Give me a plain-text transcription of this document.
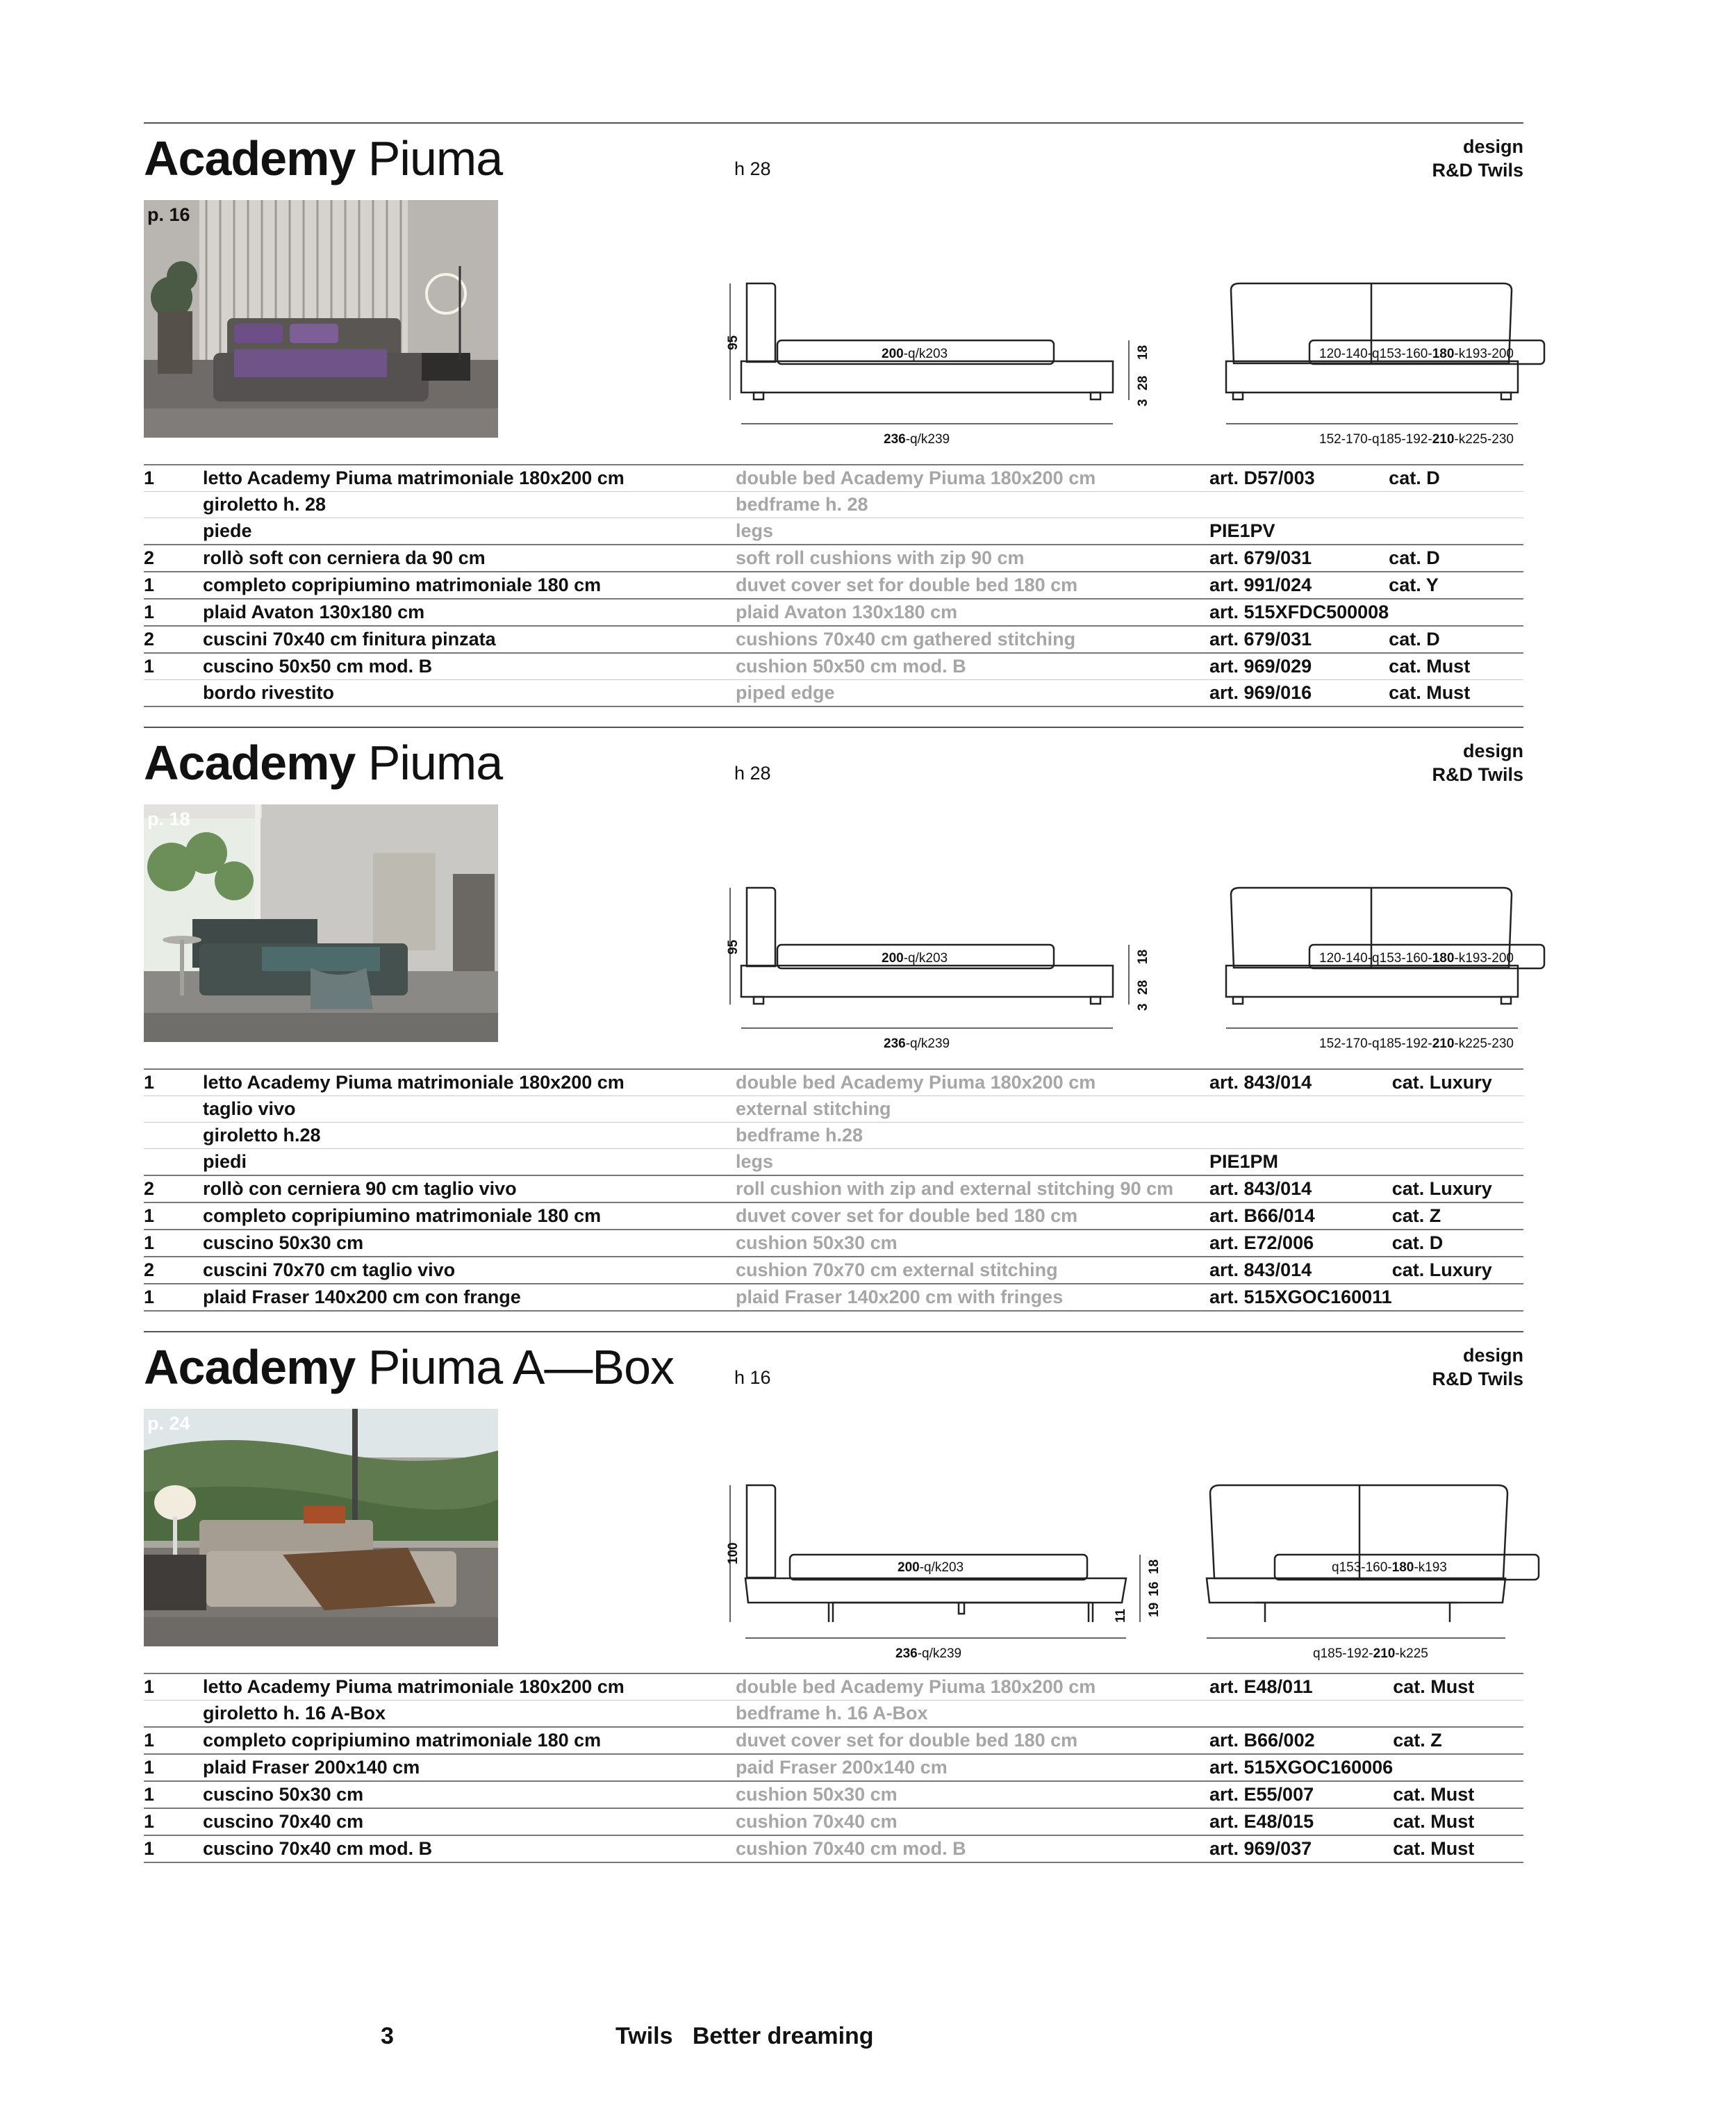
Academy Piuma	h 28
design
R&D Twils
p. 16
95
200-q/k203
236-q/k239
18
28
3
120-140-q153-160-180-k193-200
152-170-q185-192-210-k225-230
1	letto Academy Piuma matrimoniale 180x200 cm	double bed Academy Piuma 180x200 cm	art. D57/003	cat. D
	giroletto h. 28	bedframe h. 28		
	piede	legs	PIE1PV	
2	rollò soft con cerniera da 90 cm	soft roll cushions with zip 90 cm	art. 679/031	cat. D
1	completo copripiumino matrimoniale 180 cm	duvet cover set for double bed 180 cm	art. 991/024	cat. Y
1	plaid Avaton 130x180 cm	plaid Avaton 130x180 cm	art. 515XFDC500008	
2	cuscini 70x40 cm finitura pinzata	cushions 70x40 cm gathered stitching	art. 679/031	cat. D
1	cuscino 50x50 cm mod. B	cushion 50x50 cm mod. B	art. 969/029	cat. Must
	bordo rivestito	piped edge	art. 969/016	cat. Must
Academy Piuma	h 28
design
R&D Twils
p. 18
95
200-q/k203
236-q/k239
18
28
3
120-140-q153-160-180-k193-200
152-170-q185-192-210-k225-230
1	letto Academy Piuma matrimoniale 180x200 cm	double bed Academy Piuma 180x200 cm	art. 843/014	cat. Luxury
	taglio vivo	external stitching		
	giroletto h.28	bedframe h.28		
	piedi	legs	PIE1PM	
2	rollò con cerniera 90 cm taglio vivo	roll cushion with zip and external stitching 90 cm	art. 843/014	cat. Luxury
1	completo copripiumino matrimoniale 180 cm	duvet cover set for double bed 180 cm	art. B66/014	cat. Z
1	cuscino 50x30 cm	cushion 50x30 cm	art. E72/006	cat. D
2	cuscini 70x70 cm taglio vivo	cushion 70x70 cm external stitching	art. 843/014	cat. Luxury
1	plaid Fraser 140x200 cm con frange	plaid Fraser 140x200 cm with fringes	art. 515XGOC160011	
Academy Piuma A—Box	h 16
design
R&D Twils
p. 24
100
200-q/k203
236-q/k239
18
16
19
11
q153-160-180-k193
q185-192-210-k225
1	letto Academy Piuma matrimoniale 180x200 cm	double bed Academy Piuma 180x200 cm	art. E48/011	cat. Must
	giroletto h. 16 A-Box	bedframe h. 16 A-Box		
1	completo copripiumino matrimoniale 180 cm	duvet cover set for double bed 180 cm	art. B66/002	cat. Z
1	plaid Fraser 200x140 cm	paid Fraser 200x140 cm	art. 515XGOC160006	
1	cuscino 50x30 cm	cushion 50x30 cm	art. E55/007	cat. Must
1	cuscino 70x40 cm	cushion 70x40 cm	art. E48/015	cat. Must
1	cuscino 70x40 cm mod. B	cushion 70x40 cm mod. B	art. 969/037	cat. Must
3	Twils Better dreaming
